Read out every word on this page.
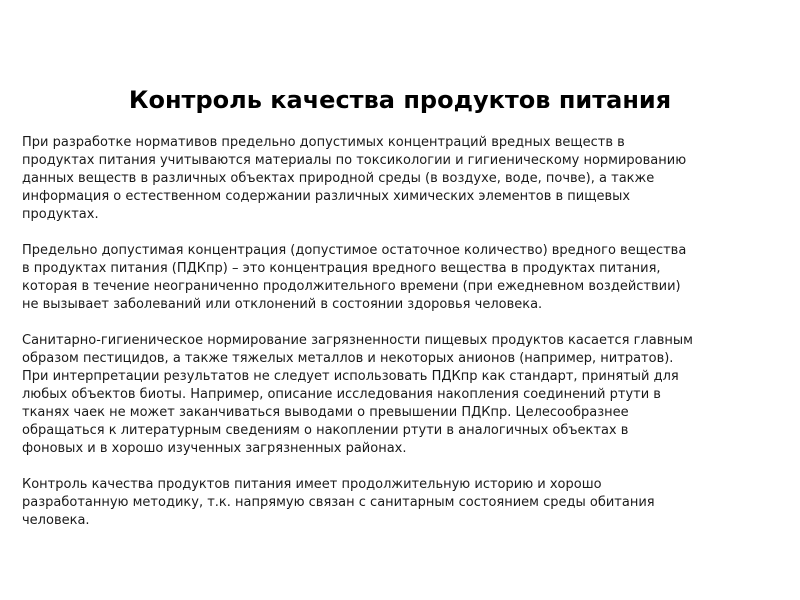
Контроль качества продуктов питания

При разработке нормативов предельно допустимых концентраций вредных веществ в
продуктах питания учитываются материалы по токсикологии и гигиеническому нормированию
данных веществ в различных объектах природной среды (в воздухе, воде, почве), а также
информация о естественном содержании различных химических элементов в пищевых
продуктах.

Предельно допустимая концентрация (допустимое остаточное количество) вредного вещества
в продуктах питания (ПДКпр) – это концентрация вредного вещества в продуктах питания,
которая в течение неограниченно продолжительного времени (при ежедневном воздействии)
не вызывает заболеваний или отклонений в состоянии здоровья человека.

Санитарно-гигиеническое нормирование загрязненности пищевых продуктов касается главным
образом пестицидов, а также тяжелых металлов и некоторых анионов (например, нитратов).
При интерпретации результатов не следует использовать ПДКпр как стандарт, принятый для
любых объектов биоты. Например, описание исследования накопления соединений ртути в
тканях чаек не может заканчиваться выводами о превышении ПДКпр. Целесообразнее
обращаться к литературным сведениям о накоплении ртути в аналогичных объектах в
фоновых и в хорошо изученных загрязненных районах.

Контроль качества продуктов питания имеет продолжительную историю и хорошо
разработанную методику, т.к. напрямую связан с санитарным состоянием среды обитания
человека.
